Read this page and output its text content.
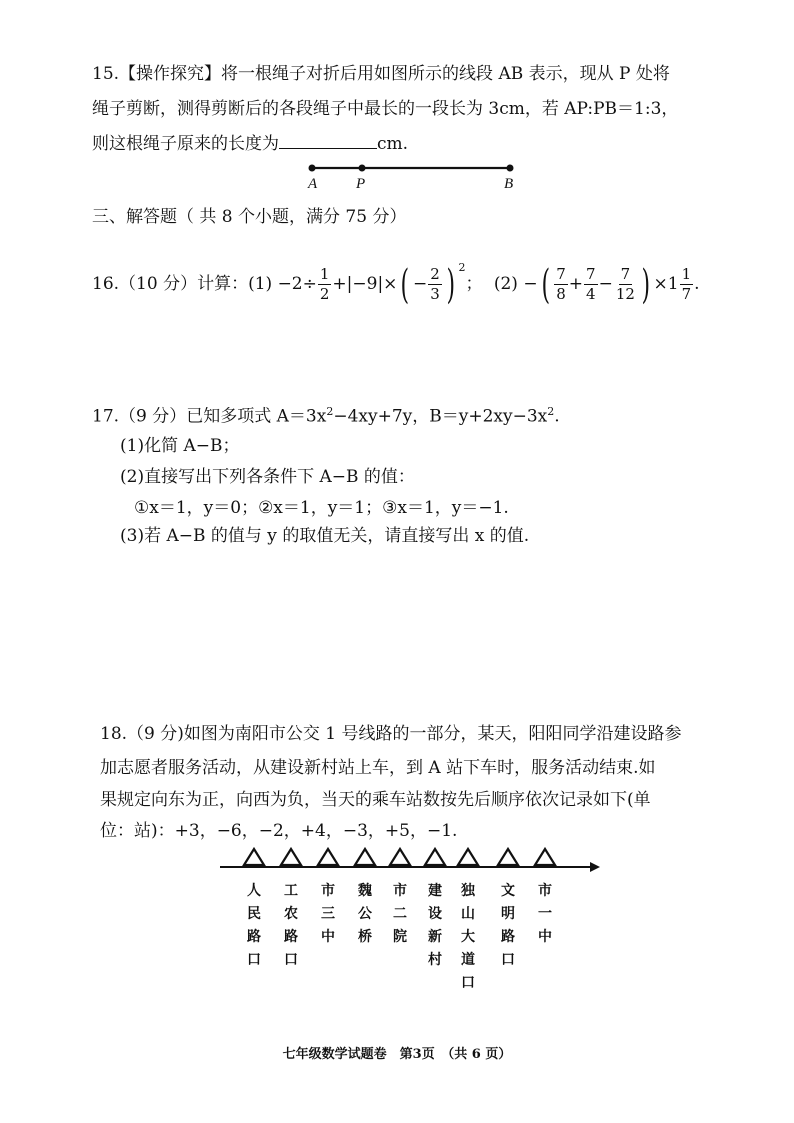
15.【操作探究】将一根绳子对折后用如图所示的线段 AB 表示，现从 P 处将
绳子剪断，测得剪断后的各段绳子中最长的一段长为 3cm，若 AP:PB＝1:3，
则这根绳子原来的长度为	cm.
A	P	B
三、解答题（ 共 8 个小题，满分 75 分）
16.（10 分）计算：$(1) -2\div \frac{1}{2} +|-9|\times( - \frac{2}{3}$ ) $^2$； (2) −( $\frac{7}{8} + \frac{7}{4} - \frac{7}{12}$ ) $\times 1 \frac{1}{7}$ .
17.（9 分）已知多项式 $A=3x^2-4xy+7y$，$B=y+2xy-3x^2$.
(1)化简 A−B；
(2)直接写出下列各条件下 A−B 的值：
①x＝1，y＝0；②x＝1，y＝1；③x＝1，y＝−1.
(3)若 A−B 的值与 y 的取值无关，请直接写出 x 的值.
18.（9 分)如图为南阳市公交 1 号线路的一部分，某天，阳阳同学沿建设路参
加志愿者服务活动，从建设新村站上车，到 A 站下车时，服务活动结束.如
果规定向东为正，向西为负，当天的乘车站数按先后顺序依次记录如下(单
位：站)：+3，−6，−2，+4，−3，+5，−1.
人民路口
工农路口
市三中
魏公桥
市二院
建设新村
独山大道口
文明路口
市一中
七年级数学试题卷　第3页　（共 6 页）
